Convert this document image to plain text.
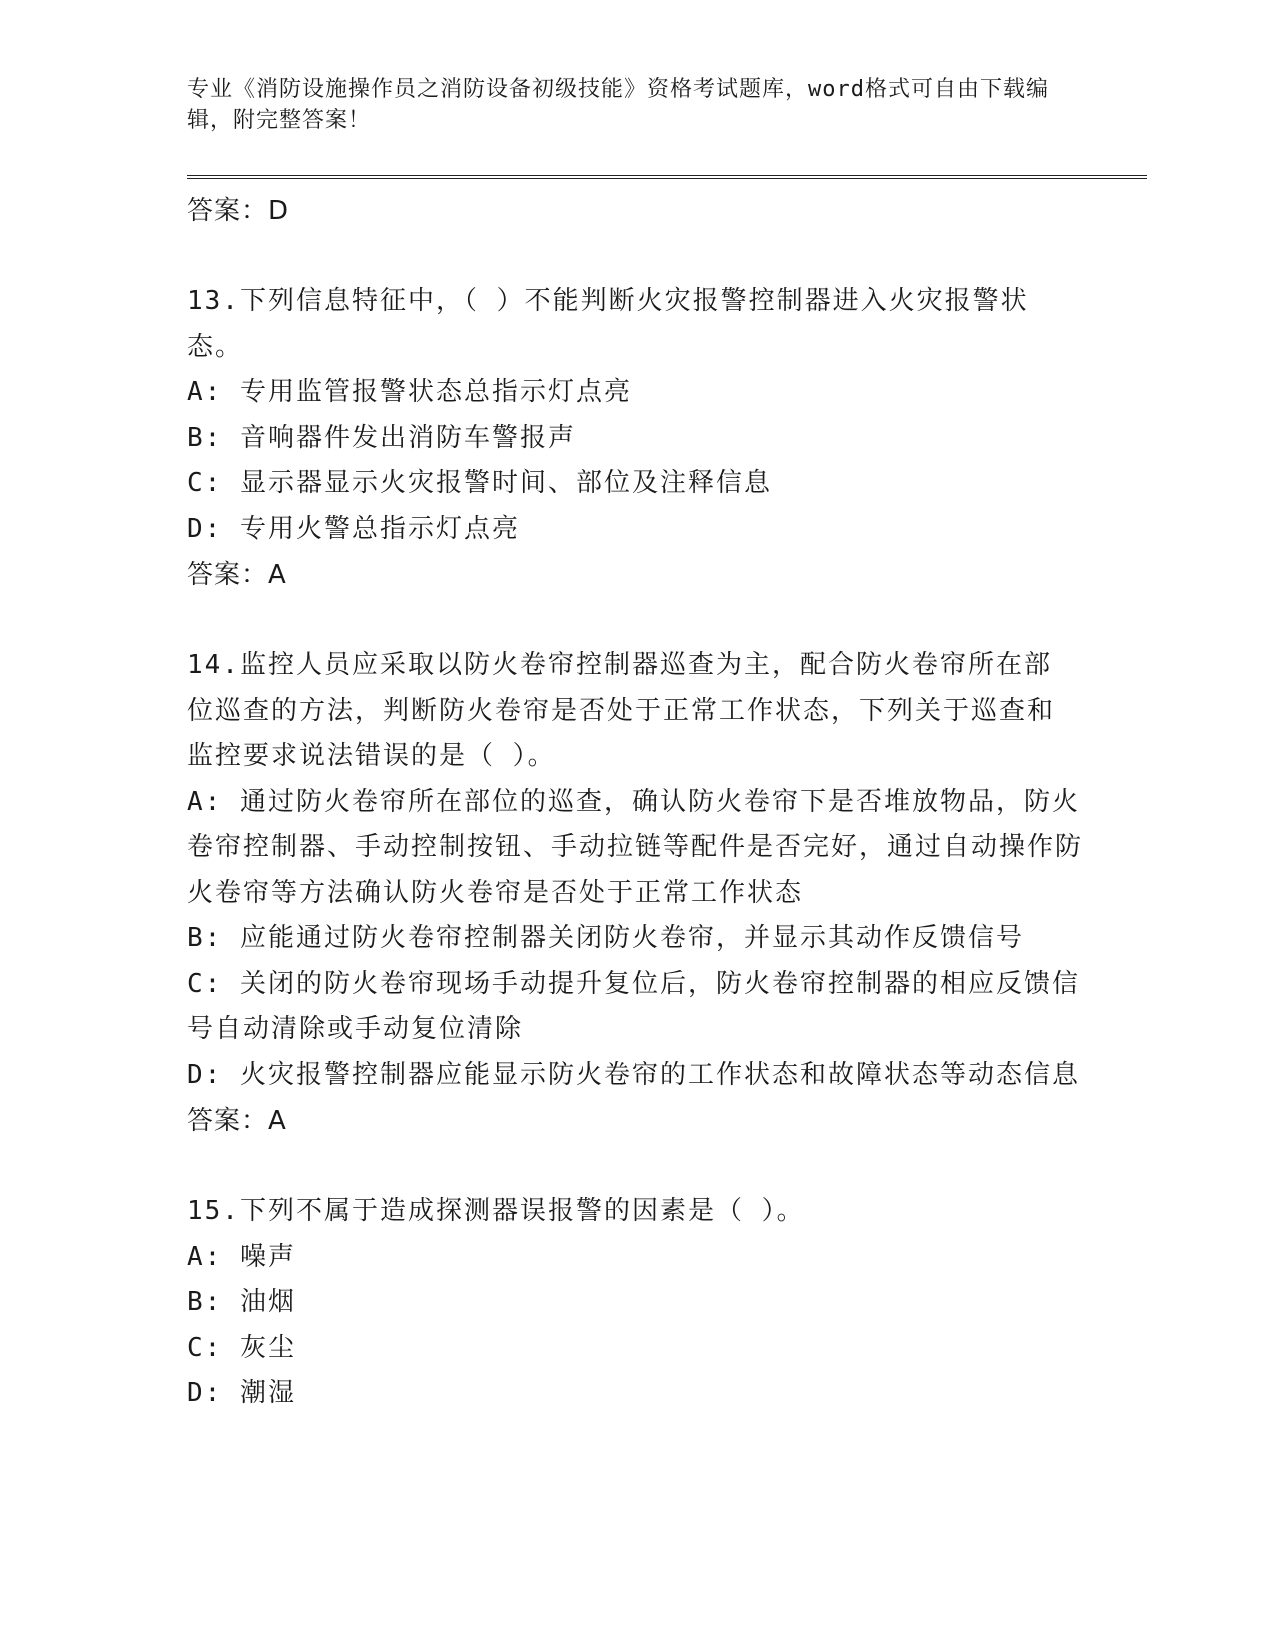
专业《消防设施操作员之消防设备初级技能》资格考试题库，word格式可自由下载编辑，附完整答案！
答案：D
13.下列信息特征中，（ ）不能判断火灾报警控制器进入火灾报警状态。
A: 专用监管报警状态总指示灯点亮
B: 音响器件发出消防车警报声
C: 显示器显示火灾报警时间、部位及注释信息
D: 专用火警总指示灯点亮
答案：A
14.监控人员应采取以防火卷帘控制器巡查为主，配合防火卷帘所在部位巡查的方法，判断防火卷帘是否处于正常工作状态，下列关于巡查和监控要求说法错误的是（ ）。
A: 通过防火卷帘所在部位的巡查，确认防火卷帘下是否堆放物品，防火卷帘控制器、手动控制按钮、手动拉链等配件是否完好，通过自动操作防火卷帘等方法确认防火卷帘是否处于正常工作状态
B: 应能通过防火卷帘控制器关闭防火卷帘，并显示其动作反馈信号
C: 关闭的防火卷帘现场手动提升复位后，防火卷帘控制器的相应反馈信号自动清除或手动复位清除
D: 火灾报警控制器应能显示防火卷帘的工作状态和故障状态等动态信息
答案：A
15.下列不属于造成探测器误报警的因素是（ ）。
A: 噪声
B: 油烟
C: 灰尘
D: 潮湿
